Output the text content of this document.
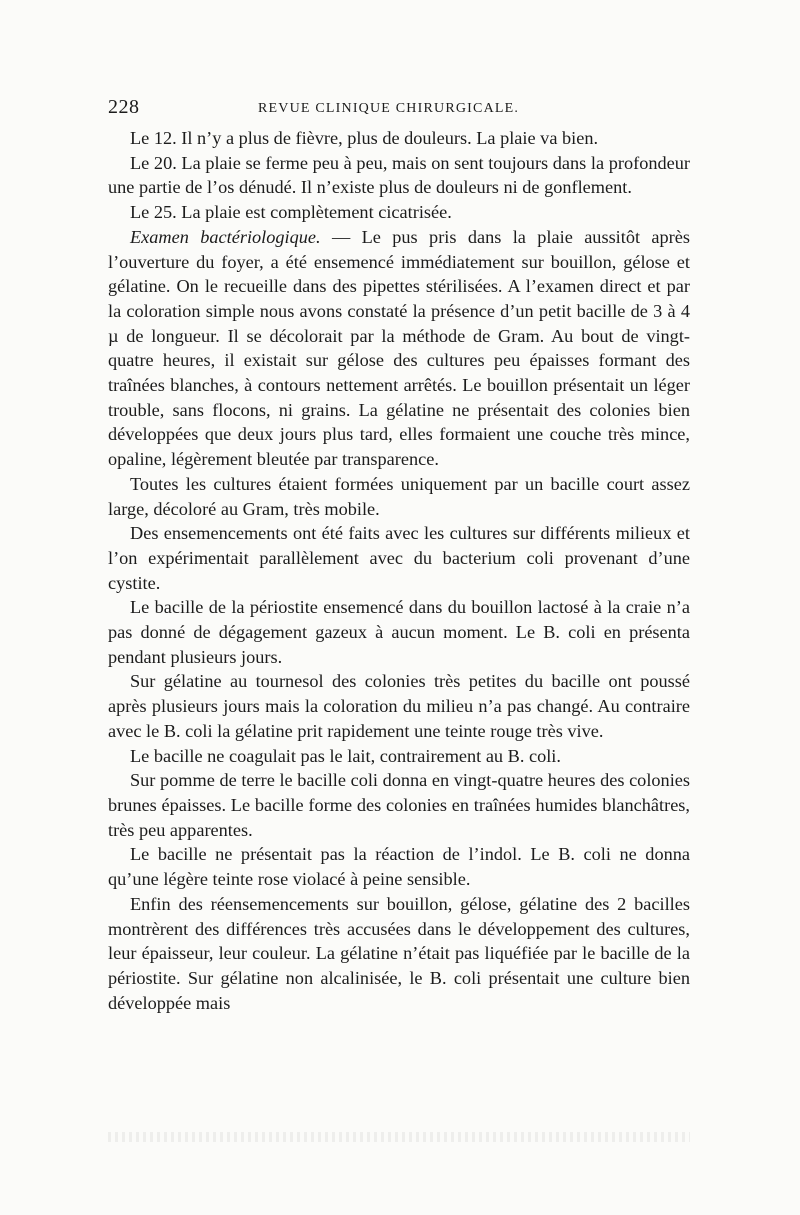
228	REVUE CLINIQUE CHIRURGICALE.

Le 12. Il n’y a plus de fièvre, plus de douleurs. La plaie va bien.

Le 20. La plaie se ferme peu à peu, mais on sent toujours dans la profondeur une partie de l’os dénudé. Il n’existe plus de douleurs ni de gonflement.

Le 25. La plaie est complètement cicatrisée.

Examen bactériologique. — Le pus pris dans la plaie aussitôt après l’ouverture du foyer, a été ensemencé immédiatement sur bouillon, gélose et gélatine. On le recueille dans des pipettes stérilisées. A l’examen direct et par la coloration simple nous avons constaté la présence d’un petit bacille de 3 à 4 µ de longueur. Il se décolorait par la méthode de Gram. Au bout de vingt-quatre heures, il existait sur gélose des cultures peu épaisses formant des traînées blanches, à contours nettement arrêtés. Le bouillon présentait un léger trouble, sans flocons, ni grains. La gélatine ne présentait des colonies bien développées que deux jours plus tard, elles formaient une couche très mince, opaline, légèrement bleutée par transparence.

Toutes les cultures étaient formées uniquement par un bacille court assez large, décoloré au Gram, très mobile.

Des ensemencements ont été faits avec les cultures sur différents milieux et l’on expérimentait parallèlement avec du bacterium coli provenant d’une cystite.

Le bacille de la périostite ensemencé dans du bouillon lactosé à la craie n’a pas donné de dégagement gazeux à aucun moment. Le B. coli en présenta pendant plusieurs jours.

Sur gélatine au tournesol des colonies très petites du bacille ont poussé après plusieurs jours mais la coloration du milieu n’a pas changé. Au contraire avec le B. coli la gélatine prit rapidement une teinte rouge très vive.

Le bacille ne coagulait pas le lait, contrairement au B. coli.

Sur pomme de terre le bacille coli donna en vingt-quatre heures des colonies brunes épaisses. Le bacille forme des colonies en traînées humides blanchâtres, très peu apparentes.

Le bacille ne présentait pas la réaction de l’indol. Le B. coli ne donna qu’une légère teinte rose violacé à peine sensible.

Enfin des réensemencements sur bouillon, gélose, gélatine des 2 bacilles montrèrent des différences très accusées dans le développement des cultures, leur épaisseur, leur couleur. La gélatine n’était pas liquéfiée par le bacille de la périostite. Sur gélatine non alcalinisée, le B. coli présentait une culture bien développée mais
